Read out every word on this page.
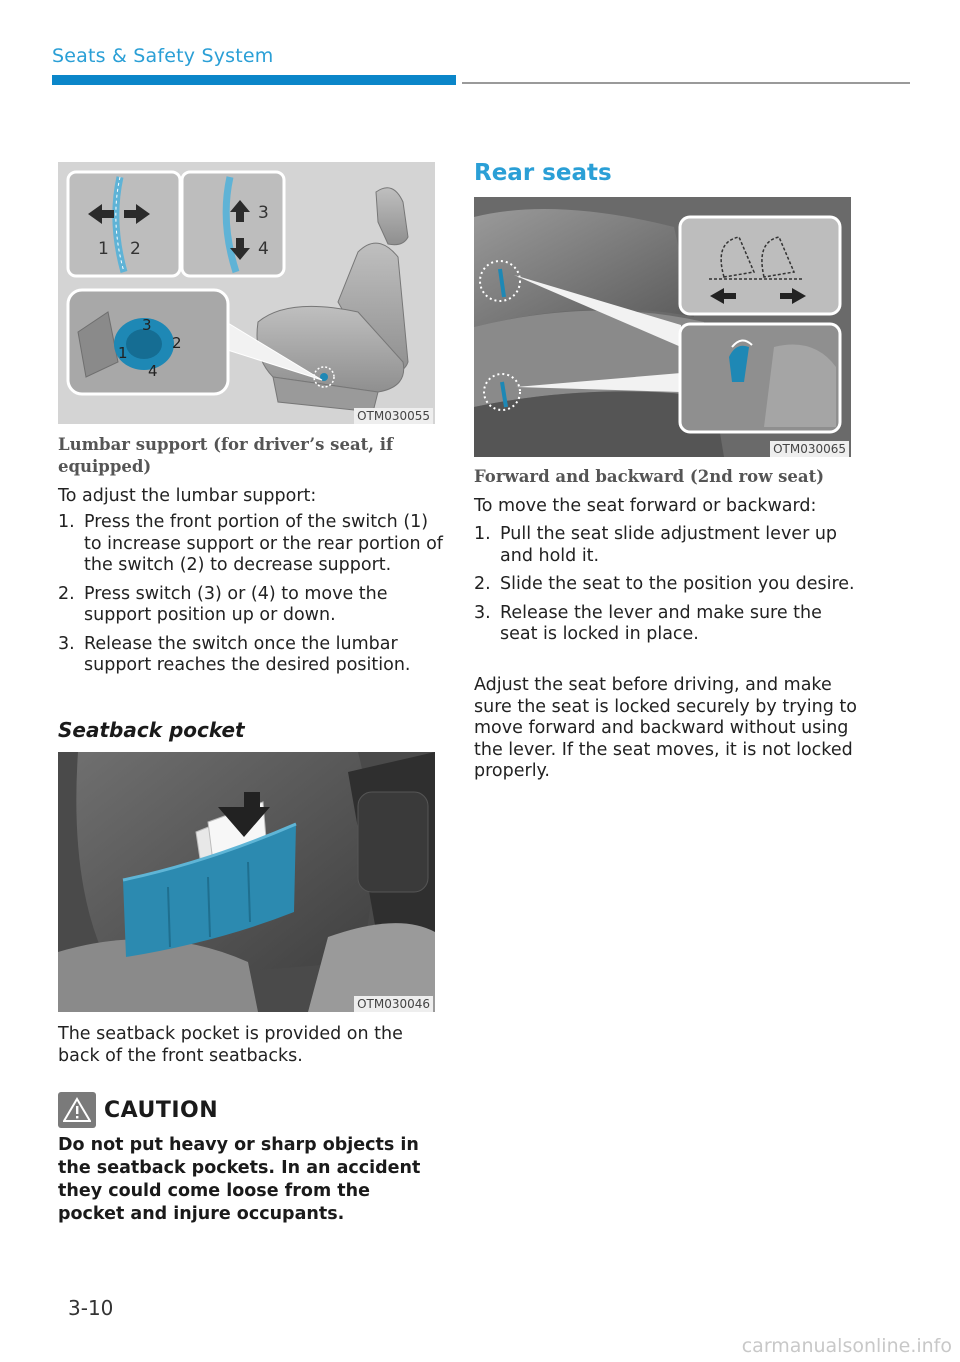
Seats & Safety System
1 2
3
4
3
2
1
4
OTM030055
Lumbar support (for driver’s seat, if equipped)
To adjust the lumbar support:
1. Press the front portion of the switch (1) to increase support or the rear portion of the switch (2) to decrease support.
2. Press switch (3) or (4) to move the support position up or down.
3. Release the switch once the lumbar support reaches the desired position.
Seatback pocket
OTM030046
The seatback pocket is provided on the back of the front seatbacks.
CAUTION
Do not put heavy or sharp objects in the seatback pockets. In an accident they could come loose from the pocket and injure occupants.
Rear seats
OTM030065
Forward and backward (2nd row seat)
To move the seat forward or backward:
1. Pull the seat slide adjustment lever up and hold it.
2. Slide the seat to the position you desire.
3. Release the lever and make sure the seat is locked in place.
Adjust the seat before driving, and make sure the seat is locked securely by trying to move forward and backward without using the lever. If the seat moves, it is not locked properly.
3-10
carmanualsonline.info
